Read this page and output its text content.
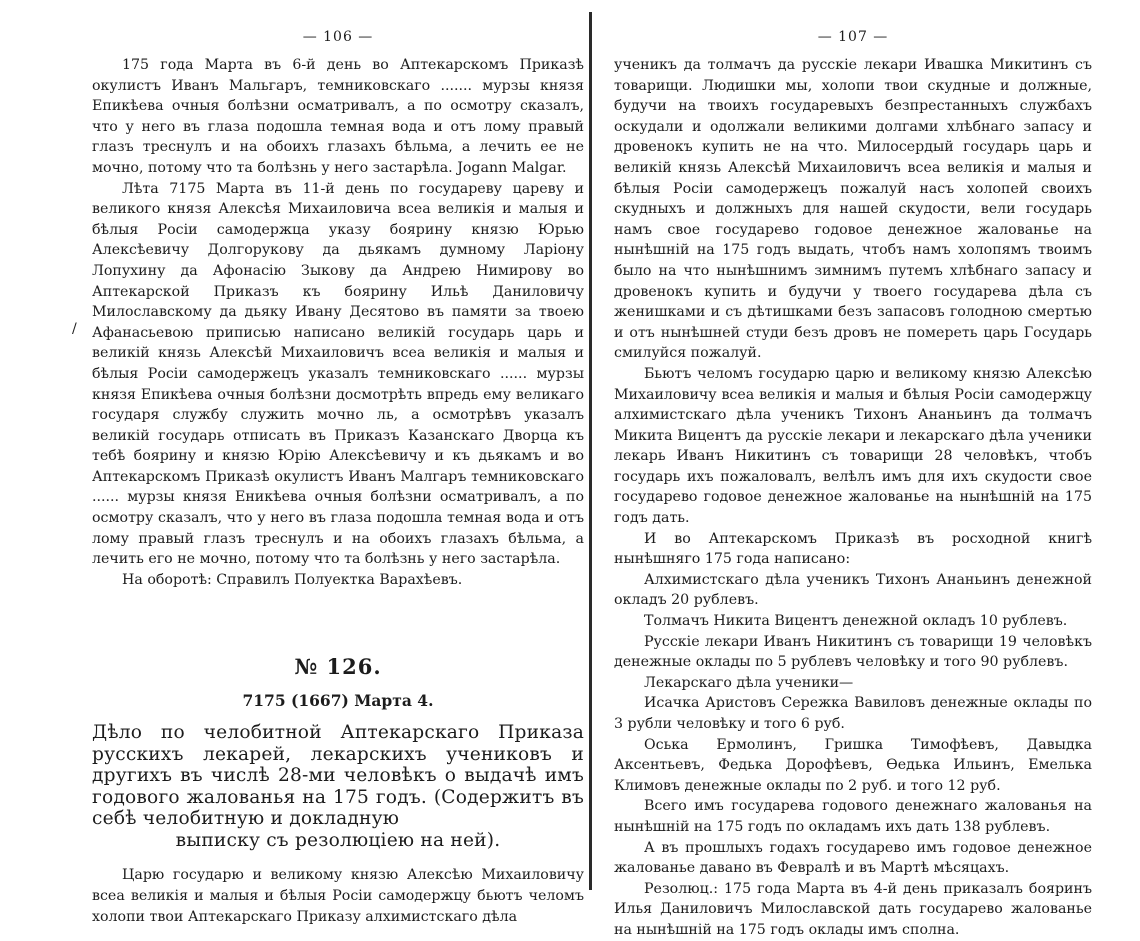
— 106 —

175 года Марта въ 6-й день во Аптекарскомъ Приказѣ окулистъ Иванъ Мальгаръ, темниковскаго ....... мурзы князя Епикѣева очныя болѣзни осматривалъ, а по осмотру сказалъ, что у него въ глаза подошла темная вода и отъ лому правый глазъ треснулъ и на обоихъ глазахъ бѣльма, а лечить ее не мочно, потому что та болѣзнь у него застарѣла. Jogann Malgar.

Лѣта 7175 Марта въ 11-й день по государеву цареву и великого князя Алексѣя Михаиловича всеа великiя и малыя и бѣлыя Росiи самодержца указу боярину князю Юрью Алексѣевичу Долгорукову да дьякамъ думному Ларiону Лопухину да Афонасiю Зыкову да Андрею Нимирову во Аптекарской Приказъ къ боярину Ильѣ Даниловичу Милославскому да дьяку Ивану Десятово въ памяти за твоею Афанасьевою приписью написано великiй государь царь и великiй князь Алексѣй Михаиловичъ всеа великiя и малыя и бѣлыя Росiи самодержецъ указалъ темниковскаго ...... мурзы князя Епикѣева очныя болѣзни досмотрѣть впредь ему великаго государя службу служить мочно ль, а осмотрѣвъ указалъ великiй государь отписать въ Приказъ Казанскаго Дворца къ тебѣ боярину и князю Юрiю Алексѣевичу и къ дьякамъ и во Аптекарскомъ Приказѣ окулистъ Иванъ Малгаръ темниковскаго ...... мурзы князя Еникѣева очныя болѣзни осматривалъ, а по осмотру сказалъ, что у него въ глаза подошла темная вода и отъ лому правый глазъ треснулъ и на обоихъ глазахъ бѣльма, а лечить его не мочно, потому что та болѣзнь у него застарѣла.

На оборотѣ: Справилъ Полуектка Варахѣевъ.

№ 126.
7175 (1667) Марта 4.

Дѣло по челобитной Аптекарскаго Приказа русскихъ лекарей, лекарскихъ учениковъ и другихъ въ числѣ 28-ми человѣкъ о выдачѣ имъ годового жалованья на 175 годъ. (Содержитъ въ себѣ челобитную и докладную
выписку съ резолюцiею на ней).

Царю государю и великому князю Алексѣю Михаиловичу всеа великiя и малыя и бѣлыя Росiи самодержцу бьютъ челомъ холопи твои Аптекарскаго Приказу алхимистскаго дѣла

/
— 107 —

ученикъ да толмачъ да русскiе лекари Ивашка Микитинъ съ товарищи. Людишки мы, холопи твои скудные и должные, будучи на твоихъ государевыхъ безпрестанныхъ службахъ оскудали и одолжали великими долгами хлѣбнаго запасу и дровенокъ купить не на что. Милосердый государь царь и великiй князь Алексѣй Михаиловичъ всеа великiя и малыя и бѣлыя Росiи самодержецъ пожалуй насъ холопей своихъ скудныхъ и должныхъ для нашей скудости, вели государь намъ свое государево годовое денежное жалованье на нынѣшнiй на 175 годъ выдать, чтобъ намъ холопямъ твоимъ было на что нынѣшнимъ зимнимъ путемъ хлѣбнаго запасу и дровенокъ купить и будучи у твоего государева дѣла съ женишками и съ дѣтишками безъ запасовъ голодною смертью и отъ нынѣшней студи безъ дровъ не помереть царь Государь смилуйся пожалуй.

Бьютъ челомъ государю царю и великому князю Алексѣю Михаиловичу всеа великiя и малыя и бѣлыя Росiи самодержцу алхимистскаго дѣла ученикъ Тихонъ Ананьинъ да толмачъ Микита Вицентъ да русскiе лекари и лекарскаго дѣла ученики лекарь Иванъ Никитинъ съ товарищи 28 человѣкъ, чтобъ государь ихъ пожаловалъ, велѣлъ имъ для ихъ скудости свое государево годовое денежное жалованье на нынѣшнiй на 175 годъ дать.

И во Аптекарскомъ Приказѣ въ росходной книгѣ нынѣшняго 175 года написано:

Алхимистскаго дѣла ученикъ Тихонъ Ананьинъ денежной окладъ 20 рублевъ.

Толмачъ Никита Вицентъ денежной окладъ 10 рублевъ.

Русскiе лекари Иванъ Никитинъ съ товарищи 19 человѣкъ денежные оклады по 5 рублевъ человѣку и того 90 рублевъ.

Лекарскаго дѣла ученики—

Исачка Аристовъ Сережка Вавиловъ денежные оклады по 3 рубли человѣку и того 6 руб.

Оська Ермолинъ, Гришка Тимофѣевъ, Давыдка Аксентьевъ, Федька Дорофѣевъ, Өедька Ильинъ, Емелька Климовъ денежные оклады по 2 руб. и того 12 руб.

Всего имъ государева годового денежнаго жалованья на нынѣшнiй на 175 годъ по окладамъ ихъ дать 138 рублевъ.

А въ прошлыхъ годахъ государево имъ годовое денежное жалованье давано въ Февралѣ и въ Мартѣ мѣсяцахъ.

Резолюц.: 175 года Марта въ 4-й день приказалъ бояринъ Илья Даниловичъ Милославской дать государево жалованье на нынѣшнiй на 175 годъ оклады имъ сполна.
